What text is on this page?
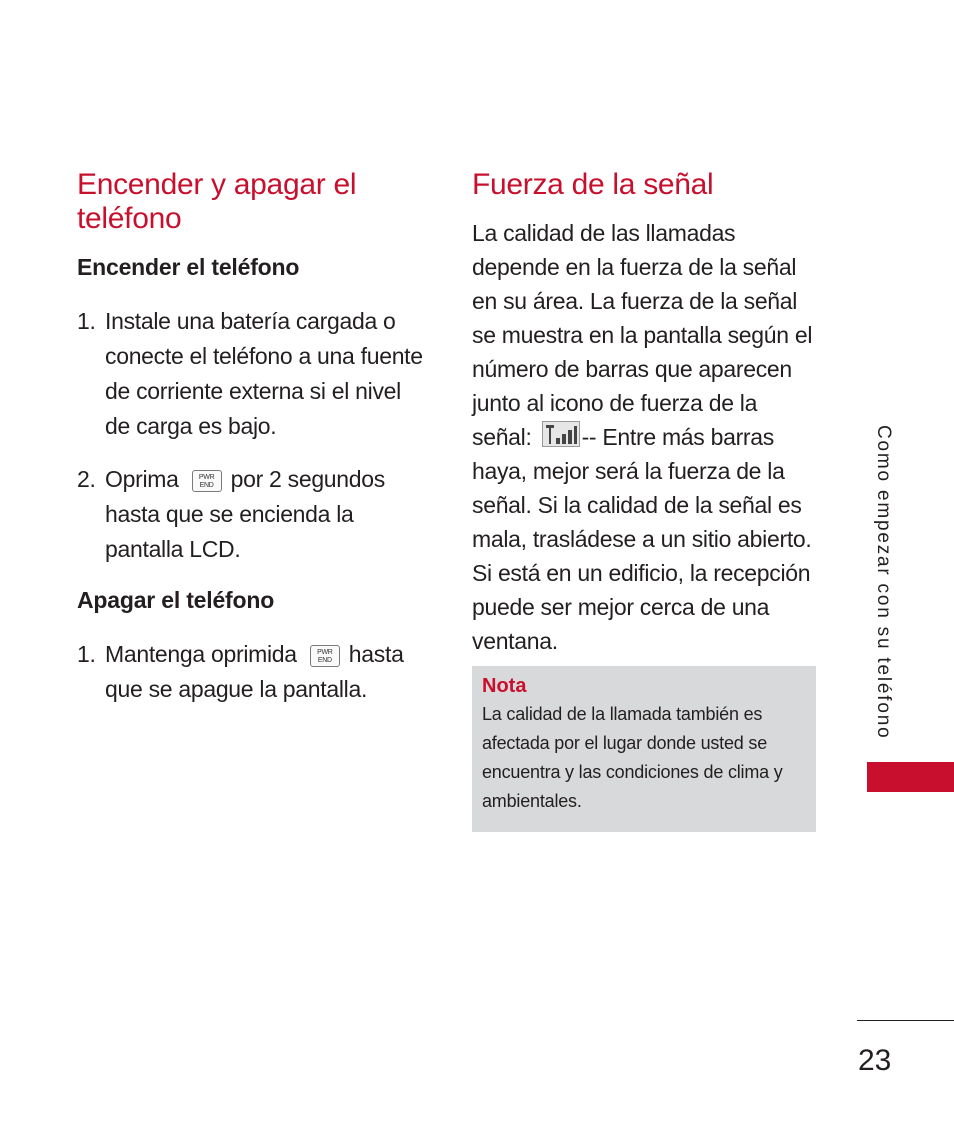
Encender y apagar el teléfono

Encender el teléfono

1. Instale una batería cargada o conecte el teléfono a una fuente de corriente externa si el nivel de carga es bajo.
2. Oprima	PWR
END por 2 segundos hasta que se encienda la pantalla LCD.

Apagar el teléfono

1. Mantenga oprimida	PWR
END hasta que se apague la pantalla.
Fuerza de la señal

La calidad de las llamadas depende en la fuerza de la señal en su área. La fuerza de la señal se muestra en la pantalla según el número de barras que aparecen junto al icono de fuerza de la señal: -- Entre más barras haya, mejor será la fuerza de la señal. Si la calidad de la señal es mala, trasládese a un sitio abierto. Si está en un edificio, la recepción puede ser mejor cerca de una ventana.

Nota
La calidad de la llamada también es afectada por el lugar donde usted se encuentra y las condiciones de clima y ambientales.
Como empezar con su teléfono
23
